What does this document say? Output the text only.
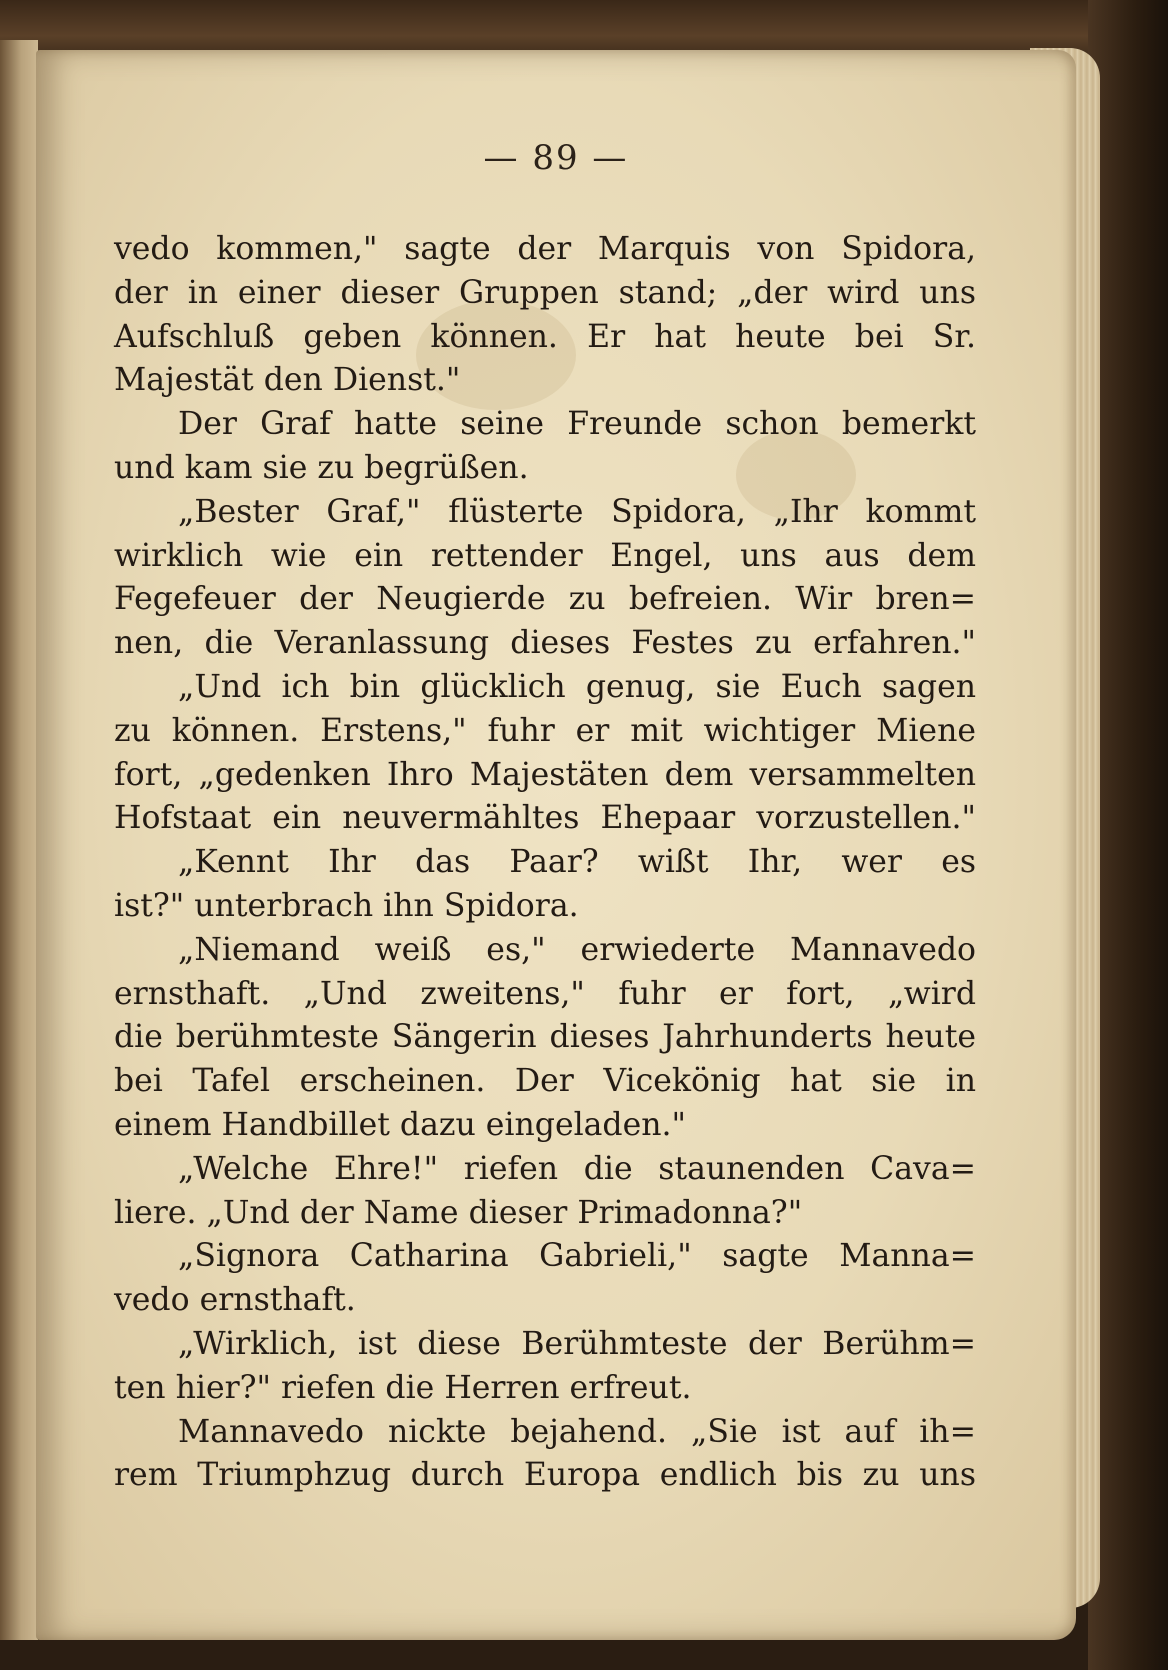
— 89 —
vedo kommen," sagte der Marquis von Spidora,
der in einer dieser Gruppen stand; „der wird uns
Aufschluß geben können. Er hat heute bei Sr.
Majestät den Dienst."
Der Graf hatte seine Freunde schon bemerkt
und kam sie zu begrüßen.
„Bester Graf," flüsterte Spidora, „Ihr kommt
wirklich wie ein rettender Engel, uns aus dem
Fegefeuer der Neugierde zu befreien. Wir bren=
nen, die Veranlassung dieses Festes zu erfahren."
„Und ich bin glücklich genug, sie Euch sagen
zu können. Erstens," fuhr er mit wichtiger Miene
fort, „gedenken Ihro Majestäten dem versammelten
Hofstaat ein neuvermähltes Ehepaar vorzustellen."
„Kennt Ihr das Paar? wißt Ihr, wer es
ist?" unterbrach ihn Spidora.
„Niemand weiß es," erwiederte Mannavedo
ernsthaft. „Und zweitens," fuhr er fort, „wird
die berühmteste Sängerin dieses Jahrhunderts heute
bei Tafel erscheinen. Der Vicekönig hat sie in
einem Handbillet dazu eingeladen."
„Welche Ehre!" riefen die staunenden Cava=
liere. „Und der Name dieser Primadonna?"
„Signora Catharina Gabrieli," sagte Manna=
vedo ernsthaft.
„Wirklich, ist diese Berühmteste der Berühm=
ten hier?" riefen die Herren erfreut.
Mannavedo nickte bejahend. „Sie ist auf ih=
rem Triumphzug durch Europa endlich bis zu uns
